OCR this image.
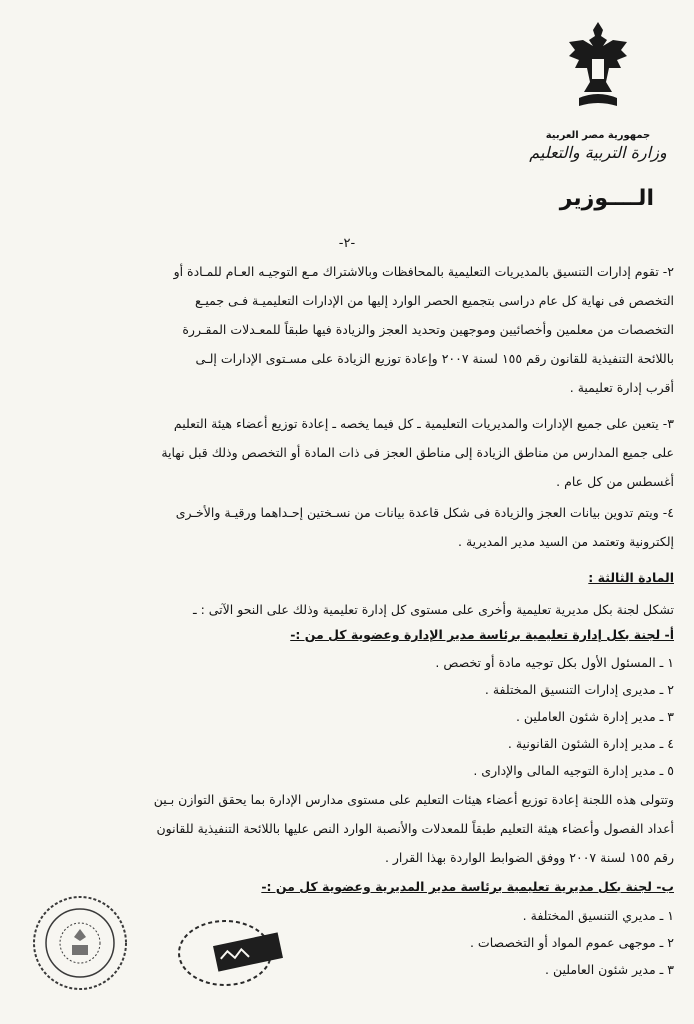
جمهورية مصر العربية
وزارة التربية والتعليم
الــــوزير
-٢-
٢- تقوم إدارات التنسيق بالمديريات التعليمية بالمحافظات وبالاشتراك مـع التوجيـه العـام للمـادة أو
التخصص فى نهاية كل عام دراسى بتجميع الحصر الوارد إليها من الإدارات التعليميـة فـى جميـع
التخصصات من معلمين وأخصائيين وموجهين وتحديد العجز والزيادة فيها طبقاً للمعـدلات المقـررة
باللائحة التنفيذية للقانون رقم ١٥٥ لسنة ٢٠٠٧ وإعادة توزيع الزيادة على مسـتوى الإدارات إلـى
أقرب إدارة تعليمية .
٣- يتعين على جميع الإدارات والمديريات التعليمية ـ كل فيما يخصه ـ إعادة توزيع أعضاء هيئة التعليم
على جميع المدارس من مناطق الزيادة إلى مناطق العجز فى ذات المادة أو التخصص وذلك قبل نهاية
أغسطس من كل عام .
٤- ويتم تدوين بيانات العجز والزيادة فى شكل قاعدة بيانات من نسـختين إحـداهما ورقيـة والأخـرى
إلكترونية وتعتمد من السيد مدير المديرية .
المادة الثالثة :
تشكل لجنة بكل مديرية تعليمية وأخرى على مستوى كل إدارة تعليمية وذلك على النحو الآتى : ـ
أ- لجنة بكل إدارة تعليمية برئاسة مدير الإدارة وعضوية كل من :-
١ ـ المسئول الأول بكل توجيه مادة أو تخصص .
٢ ـ مديرى إدارات التنسيق المختلفة .
٣ ـ مدير إدارة شئون العاملين .
٤ ـ مدير إدارة الشئون القانونية .
٥ ـ مدير إدارة التوجيه المالى والإدارى .
وتتولى هذه اللجنة إعادة توزيع أعضاء هيئات التعليم على مستوى مدارس الإدارة بما يحقق التوازن بـين
أعداد الفصول وأعضاء هيئة التعليم طبقاً للمعدلات والأنصبة الوارد النص عليها باللائحة التنفيذية للقانون
رقم ١٥٥ لسنة ٢٠٠٧ ووفق الضوابط الواردة بهذا القرار .
ب- لجنة بكل مديرية تعليمية برئاسة مدير المديرية وعضوية كل من :-
١ ـ مديري التنسيق المختلفة .
٢ ـ موجهى عموم المواد أو التخصصات .
٣ ـ مدير شئون العاملين .
